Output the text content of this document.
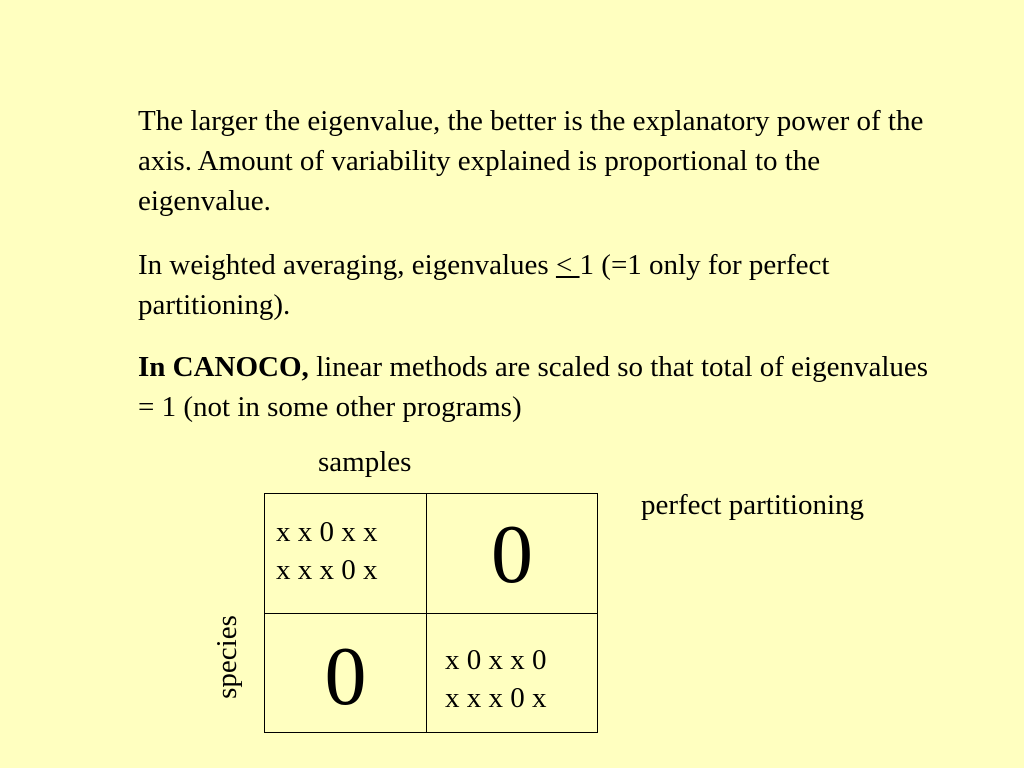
The larger the eigenvalue, the better is the explanatory power of the axis. Amount of variability explained is proportional to the eigenvalue.

In weighted averaging, eigenvalues < 1 (=1 only for perfect partitioning).

In CANOCO, linear methods are scaled so that total of eigenvalues = 1 (not in some other programs)

samples
perfect partitioning
species
x x 0 x x
x x x 0 x	0
0	x 0 x x 0
x x x 0 x
